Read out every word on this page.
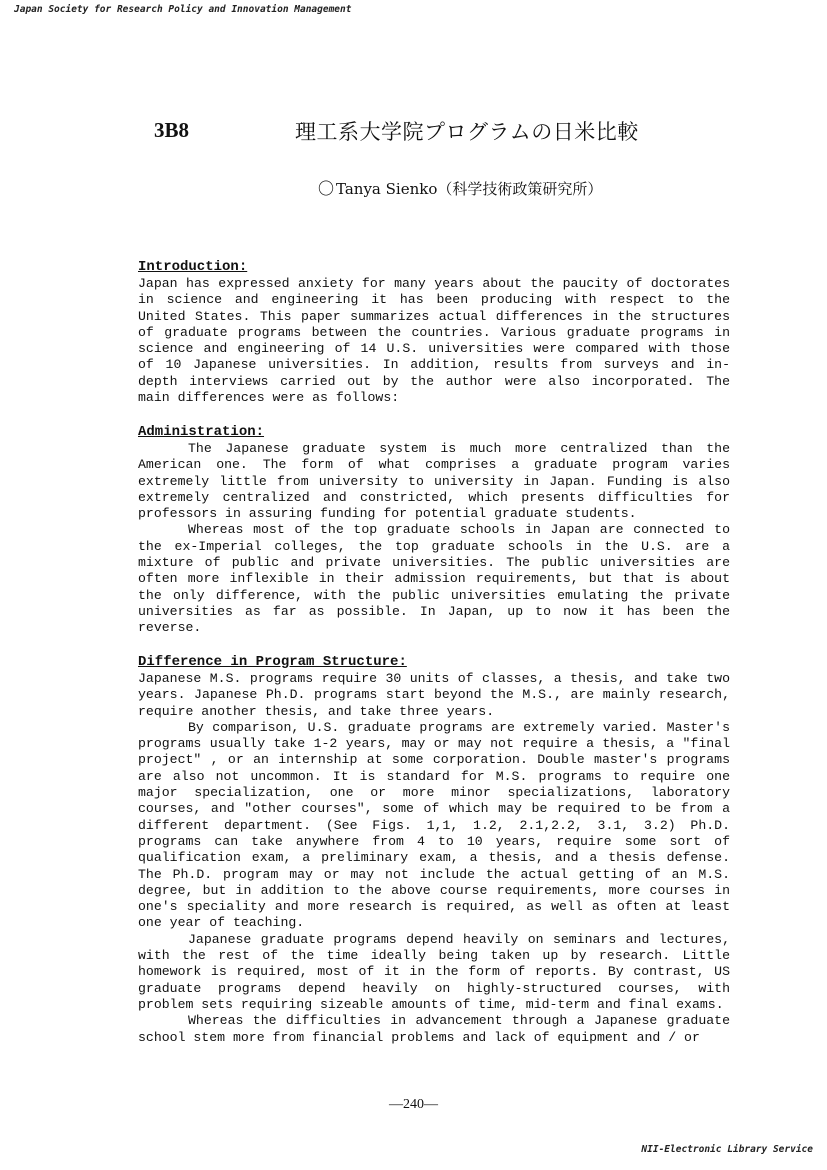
Japan Society for Research Policy and Innovation Management
3B8	理工系大学院プログラムの日米比較
〇 Tanya Sienko（科学技術政策研究所）
Introduction:

Japan has expressed anxiety for many years about the paucity of doctorates in science and engineering it has been producing with respect to the United States. This paper summarizes actual differences in the structures of graduate programs between the countries. Various graduate programs in science and engineering of 14 U.S. universities were compared with those of 10 Japanese universities. In addition, results from surveys and in-depth interviews carried out by the author were also incorporated. The main differences were as follows:

Administration:

The Japanese graduate system is much more centralized than the American one. The form of what comprises a graduate program varies extremely little from university to university in Japan. Funding is also extremely centralized and constricted, which presents difficulties for professors in assuring funding for potential graduate students.

Whereas most of the top graduate schools in Japan are connected to the ex-Imperial colleges, the top graduate schools in the U.S. are a mixture of public and private universities. The public universities are often more inflexible in their admission requirements, but that is about the only difference, with the public universities emulating the private universities as far as possible. In Japan, up to now it has been the reverse.

Difference in Program Structure:

Japanese M.S. programs require 30 units of classes, a thesis, and take two years. Japanese Ph.D. programs start beyond the M.S., are mainly research, require another thesis, and take three years.

By comparison, U.S. graduate programs are extremely varied. Master's programs usually take 1-2 years, may or may not require a thesis, a "final project" , or an internship at some corporation. Double master's programs are also not uncommon. It is standard for M.S. programs to require one major specialization, one or more minor specializations, laboratory courses, and "other courses", some of which may be required to be from a different department. (See Figs. 1,1, 1.2, 2.1,2.2, 3.1, 3.2) Ph.D. programs can take anywhere from 4 to 10 years, require some sort of qualification exam, a preliminary exam, a thesis, and a thesis defense. The Ph.D. program may or may not include the actual getting of an M.S. degree, but in addition to the above course requirements, more courses in one's speciality and more research is required, as well as often at least one year of teaching.

Japanese graduate programs depend heavily on seminars and lectures, with the rest of the time ideally being taken up by research. Little homework is required, most of it in the form of reports. By contrast, US graduate programs depend heavily on highly-structured courses, with problem sets requiring sizeable amounts of time, mid-term and final exams.

Whereas the difficulties in advancement through a Japanese graduate school stem more from financial problems and lack of equipment and / or

—240—
NII-Electronic Library Service
